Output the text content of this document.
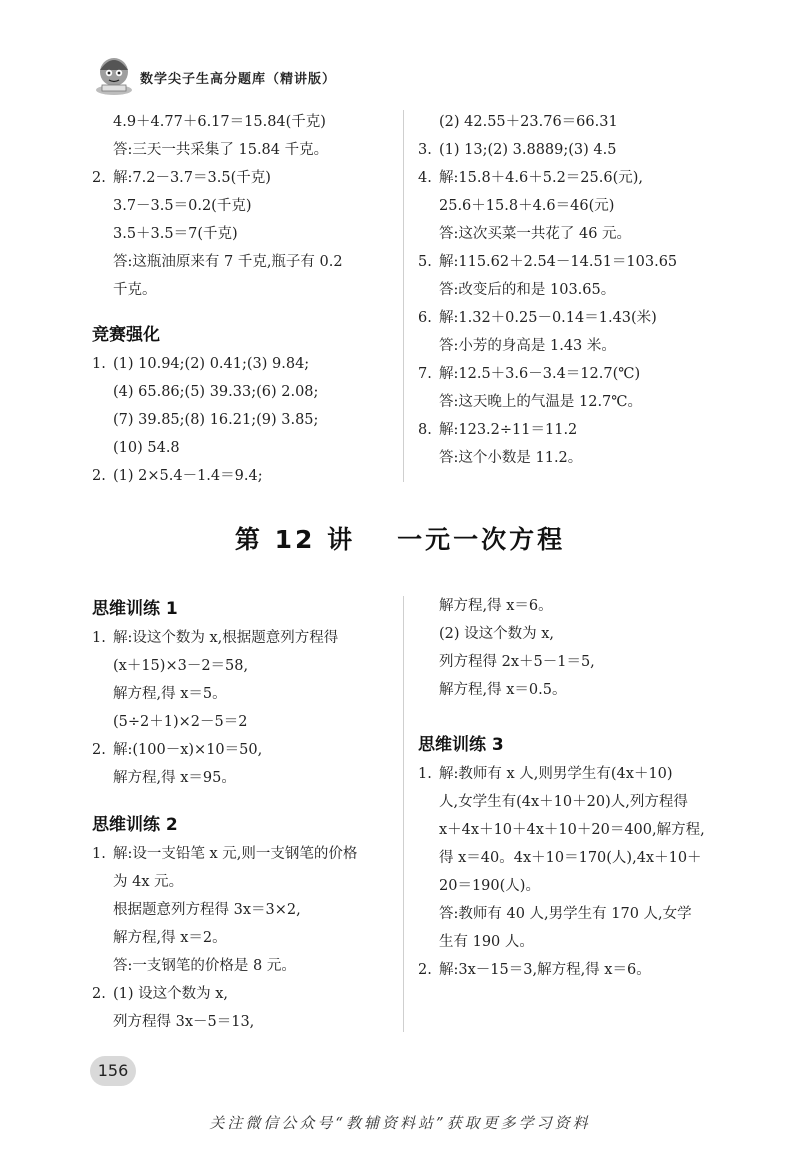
数学尖子生高分题库（精讲版）
4.9＋4.77＋6.17＝15.84(千克)
答:三天一共采集了 15.84 千克。
2. 解:7.2－3.7＝3.5(千克)
3.7－3.5＝0.2(千克)
3.5＋3.5＝7(千克)
答:这瓶油原来有 7 千克,瓶子有 0.2
千克。
竞赛强化
1. (1) 10.94;(2) 0.41;(3) 9.84;
(4) 65.86;(5) 39.33;(6) 2.08;
(7) 39.85;(8) 16.21;(9) 3.85;
(10) 54.8
2. (1) 2×5.4－1.4＝9.4;
(2) 42.55＋23.76＝66.31
3. (1) 13;(2) 3.8889;(3) 4.5
4. 解:15.8＋4.6＋5.2＝25.6(元),
25.6＋15.8＋4.6＝46(元)
答:这次买菜一共花了 46 元。
5. 解:115.62＋2.54－14.51＝103.65
答:改变后的和是 103.65。
6. 解:1.32＋0.25－0.14＝1.43(米)
答:小芳的身高是 1.43 米。
7. 解:12.5＋3.6－3.4＝12.7(℃)
答:这天晚上的气温是 12.7℃。
8. 解:123.2÷11＝11.2
答:这个小数是 11.2。
第 12 讲 一元一次方程
思维训练 1
1. 解:设这个数为 x,根据题意列方程得
(x＋15)×3－2＝58,
解方程,得 x＝5。
(5÷2＋1)×2－5＝2
2. 解:(100－x)×10＝50,
解方程,得 x＝95。
思维训练 2
1. 解:设一支铅笔 x 元,则一支钢笔的价格
为 4x 元。
根据题意列方程得 3x＝3×2,
解方程,得 x＝2。
答:一支钢笔的价格是 8 元。
2. (1) 设这个数为 x,
列方程得 3x－5＝13,
解方程,得 x＝6。
(2) 设这个数为 x,
列方程得 2x＋5－1＝5,
解方程,得 x＝0.5。
思维训练 3
1. 解:教师有 x 人,则男学生有(4x＋10)
人,女学生有(4x＋10＋20)人,列方程得
x＋4x＋10＋4x＋10＋20＝400,解方程,
得 x＝40。4x＋10＝170(人),4x＋10＋
20＝190(人)。
答:教师有 40 人,男学生有 170 人,女学
生有 190 人。
2. 解:3x－15＝3,解方程,得 x＝6。
156
关注微信公众号“教辅资料站”获取更多学习资料
